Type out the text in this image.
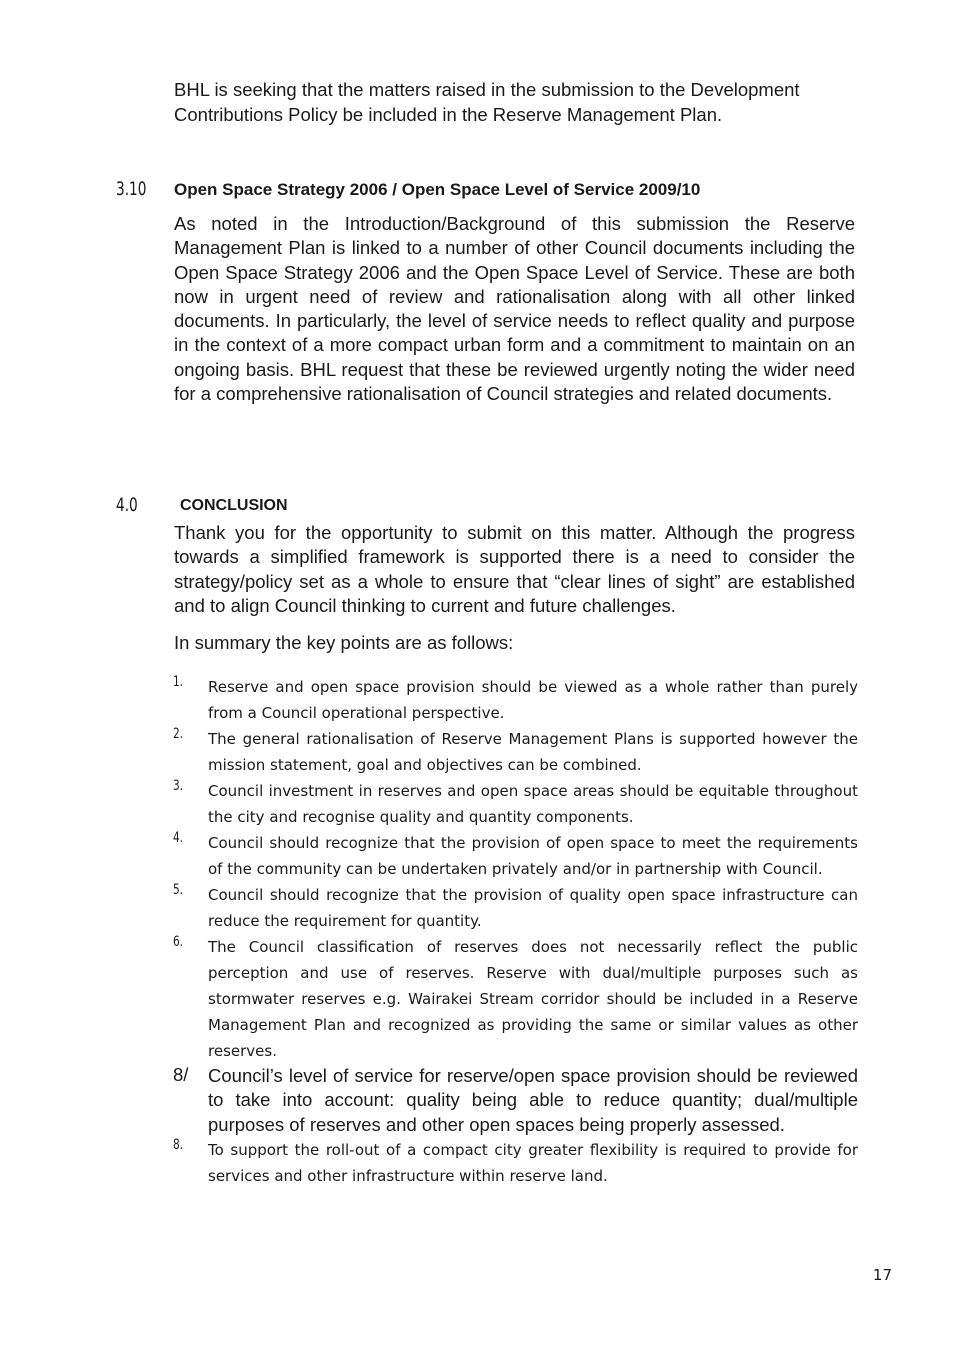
BHL is seeking that the matters raised in the submission to the Development Contributions Policy be included in the Reserve Management Plan.

3.10 Open Space Strategy 2006 / Open Space Level of Service 2009/10

As noted in the Introduction/Background of this submission the Reserve Management Plan is linked to a number of other Council documents including the Open Space Strategy 2006 and the Open Space Level of Service. These are both now in urgent need of review and rationalisation along with all other linked documents. In particularly, the level of service needs to reflect quality and purpose in the context of a more compact urban form and a commitment to maintain on an ongoing basis. BHL request that these be reviewed urgently noting the wider need for a comprehensive rationalisation of Council strategies and related documents.

4.0	CONCLUSION

Thank you for the opportunity to submit on this matter. Although the progress towards a simplified framework is supported there is a need to consider the strategy/policy set as a whole to ensure that “clear lines of sight” are established and to align Council thinking to current and future challenges.

In summary the key points are as follows:

1. Reserve and open space provision should be viewed as a whole rather than purely from a Council operational perspective.
2. The general rationalisation of Reserve Management Plans is supported however the mission statement, goal and objectives can be combined.
3. Council investment in reserves and open space areas should be equitable throughout the city and recognise quality and quantity components.
4. Council should recognize that the provision of open space to meet the requirements of the community can be undertaken privately and/or in partnership with Council.
5. Council should recognize that the provision of quality open space infrastructure can reduce the requirement for quantity.
6. The Council classification of reserves does not necessarily reflect the public perception and use of reserves. Reserve with dual/multiple purposes such as stormwater reserves e.g. Wairakei Stream corridor should be included in a Reserve Management Plan and recognized as providing the same or similar values as other reserves.
8/ Council’s level of service for reserve/open space provision should be reviewed to take into account: quality being able to reduce quantity; dual/multiple purposes of reserves and other open spaces being properly assessed.
8. To support the roll-out of a compact city greater flexibility is required to provide for services and other infrastructure within reserve land.
17
